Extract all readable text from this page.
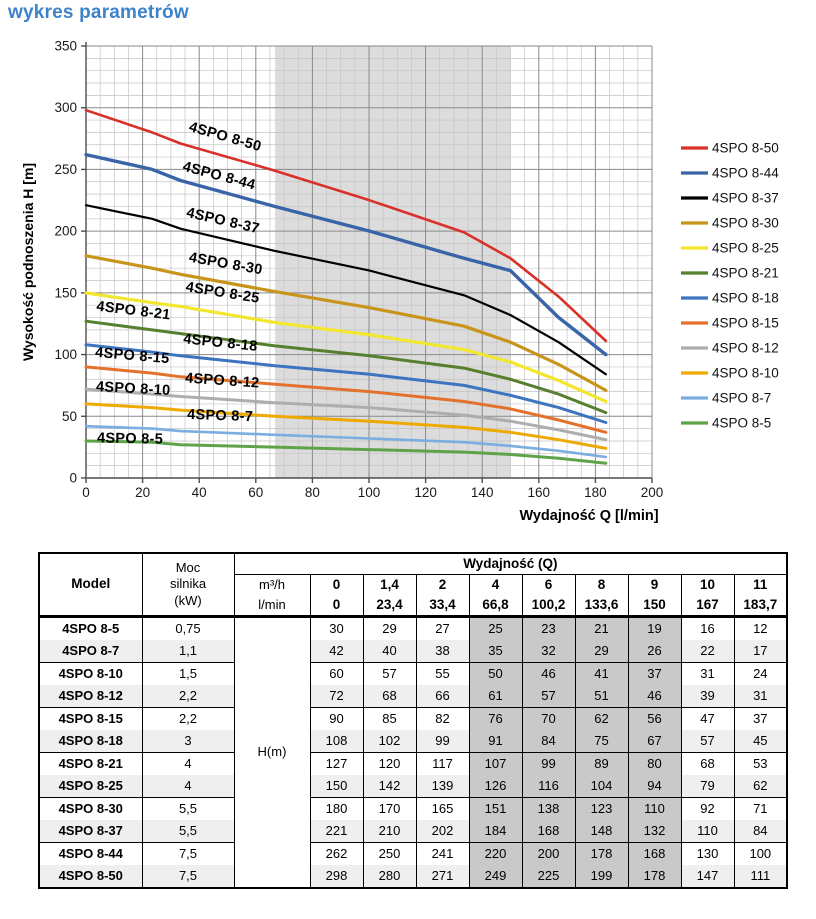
wykres parametrów
0	20	40	60	80	100	120	140	160	180	200
0
50
100
150
200
250
300
350
Wysokość podnoszenia H [m]
Wydajność Q [l/min]
4SPO 8-50
4SPO 8-44
4SPO 8-37
4SPO 8-30
4SPO 8-25
4SPO 8-21
4SPO 8-18
4SPO 8-15
4SPO 8-12
4SPO 8-10
4SPO 8-7
4SPO 8-5
4SPO 8-50
4SPO 8-44
4SPO 8-37
4SPO 8-30
4SPO 8-25
4SPO 8-21
4SPO 8-18
4SPO 8-15
4SPO 8-12
4SPO 8-10
4SPO 8-7
4SPO 8-5
Model	Moc silnika (kW)	Wydajność (Q)									
		m³/h	0	1,4	2	4	6	8	9	10	11
		l/min	0	23,4	33,4	66,8	100,2	133,6	150	167	183,7
4SPO 8-5	0,75	H(m)	30	29	27	25	23	21	19	16	12
4SPO 8-7	1,1		42	40	38	35	32	29	26	22	17
4SPO 8-10	1,5		60	57	55	50	46	41	37	31	24
4SPO 8-12	2,2		72	68	66	61	57	51	46	39	31
4SPO 8-15	2,2		90	85	82	76	70	62	56	47	37
4SPO 8-18	3		108	102	99	91	84	75	67	57	45
4SPO 8-21	4		127	120	117	107	99	89	80	68	53
4SPO 8-25	4		150	142	139	126	116	104	94	79	62
4SPO 8-30	5,5		180	170	165	151	138	123	110	92	71
4SPO 8-37	5,5		221	210	202	184	168	148	132	110	84
4SPO 8-44	7,5		262	250	241	220	200	178	168	130	100
4SPO 8-50	7,5		298	280	271	249	225	199	178	147	111
